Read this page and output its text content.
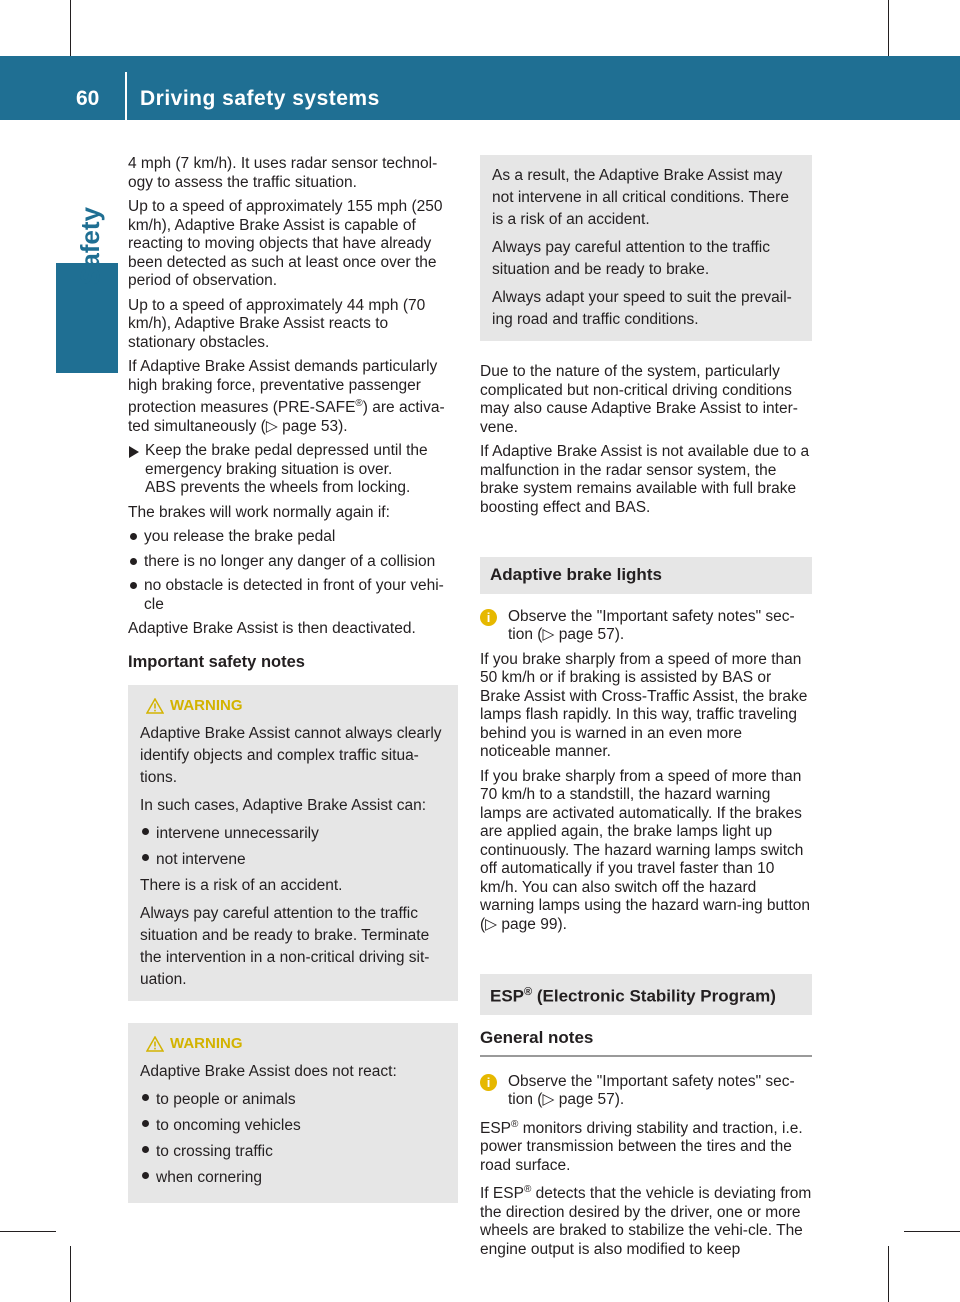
60 Driving safety systems
Safety

4 mph (7 km/h). It uses radar sensor technol-ogy to assess the traffic situation.

Up to a speed of approximately 155 mph (250 km/h), Adaptive Brake Assist is capable of reacting to moving objects that have already been detected as such at least once over the period of observation.

Up to a speed of approximately 44 mph (70 km/h), Adaptive Brake Assist reacts to stationary obstacles.

If Adaptive Brake Assist demands particularly high braking force, preventative passenger protection measures (PRE-SAFE®) are activa-ted simultaneously (▷ page 53).

Keep the brake pedal depressed until the emergency braking situation is over.
ABS prevents the wheels from locking.

The brakes will work normally again if:

you release the brake pedal
there is no longer any danger of a collision
no obstacle is detected in front of your vehi-cle

Adaptive Brake Assist is then deactivated.

Important safety notes
WARNING

Adaptive Brake Assist cannot always clearly identify objects and complex traffic situa-tions.

In such cases, Adaptive Brake Assist can:

intervene unnecessarily
not intervene

There is a risk of an accident.

Always pay careful attention to the traffic situation and be ready to brake. Terminate the intervention in a non-critical driving sit-uation.

WARNING

Adaptive Brake Assist does not react:

to people or animals
to oncoming vehicles
to crossing traffic
when cornering

As a result, the Adaptive Brake Assist may not intervene in all critical conditions. There is a risk of an accident.

Always pay careful attention to the traffic situation and be ready to brake.

Always adapt your speed to suit the prevail-ing road and traffic conditions.

Due to the nature of the system, particularly complicated but non-critical driving conditions may also cause Adaptive Brake Assist to inter-vene.

If Adaptive Brake Assist is not available due to a malfunction in the radar sensor system, the brake system remains available with full brake boosting effect and BAS.

Adaptive brake lights
i	Observe the "Important safety notes" sec-tion (▷ page 57).

If you brake sharply from a speed of more than 50 km/h or if braking is assisted by BAS or Brake Assist with Cross-Traffic Assist, the brake lamps flash rapidly. In this way, traffic traveling behind you is warned in an even more noticeable manner.

If you brake sharply from a speed of more than 70 km/h to a standstill, the hazard warning lamps are activated automatically. If the brakes are applied again, the brake lamps light up continuously. The hazard warning lamps switch off automatically if you travel faster than 10 km/h. You can also switch off the hazard warning lamps using the hazard warn-ing button (▷ page 99).

ESP® (Electronic Stability Program)
General notes
i	Observe the "Important safety notes" sec-tion (▷ page 57).

ESP® monitors driving stability and traction, i.e. power transmission between the tires and the road surface.

If ESP® detects that the vehicle is deviating from the direction desired by the driver, one or more wheels are braked to stabilize the vehi-cle. The engine output is also modified to keep
